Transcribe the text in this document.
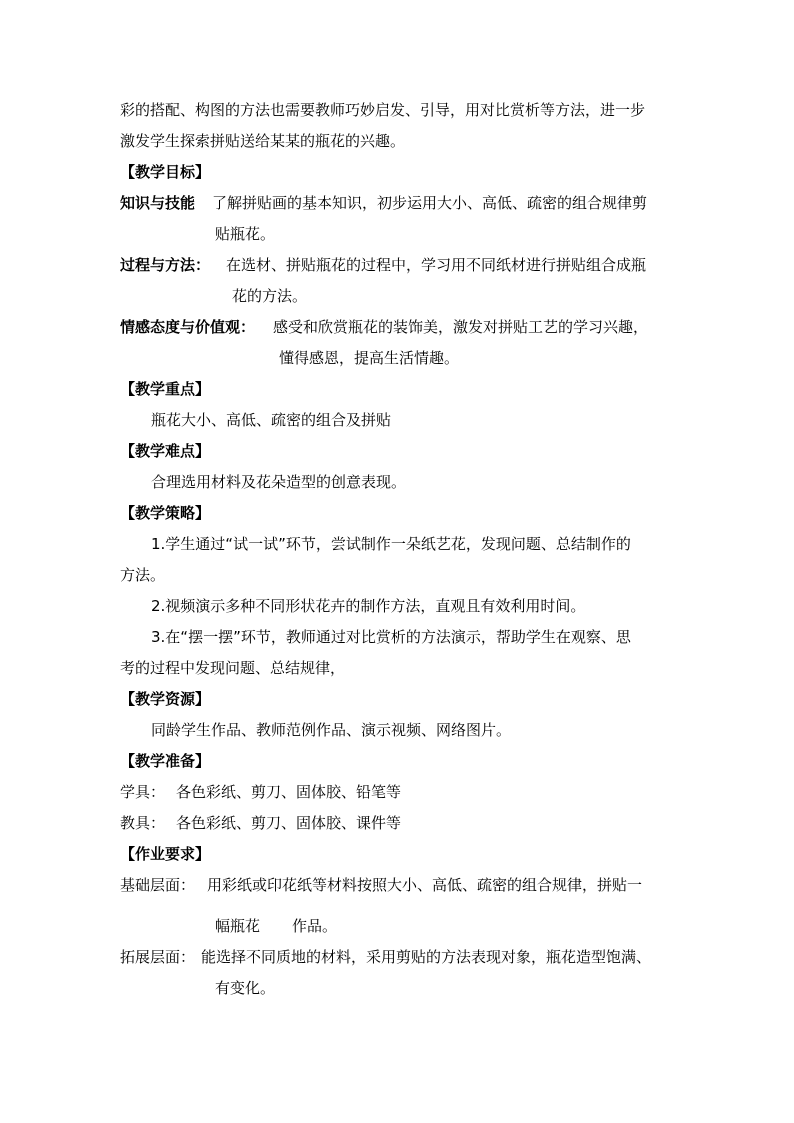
彩的搭配、构图的方法也需要教师巧妙启发、引导，用对比赏析等方法，进一步
激发学生探索拼贴送给某某的瓶花的兴趣。
【教学目标】
知识与技能 了解拼贴画的基本知识，初步运用大小、高低、疏密的组合规律剪
贴瓶花。
过程与方法： 在选材、拼贴瓶花的过程中，学习用不同纸材进行拼贴组合成瓶
花的方法。
情感态度与价值观： 感受和欣赏瓶花的装饰美，激发对拼贴工艺的学习兴趣，
懂得感恩，提高生活情趣。
【教学重点】
瓶花大小、高低、疏密的组合及拼贴
【教学难点】
合理选用材料及花朵造型的创意表现。
【教学策略】
1.学生通过“试一试”环节，尝试制作一朵纸艺花，发现问题、总结制作的
方法。
2.视频演示多种不同形状花卉的制作方法，直观且有效利用时间。
3.在“摆一摆”环节，教师通过对比赏析的方法演示，帮助学生在观察、思
考的过程中发现问题、总结规律，
【教学资源】
同龄学生作品、教师范例作品、演示视频、网络图片。
【教学准备】
学具： 各色彩纸、剪刀、固体胶、铅笔等
教具： 各色彩纸、剪刀、固体胶、课件等
【作业要求】
基础层面： 用彩纸或印花纸等材料按照大小、高低、疏密的组合规律，拼贴一
幅瓶花 作品。
拓展层面： 能选择不同质地的材料，采用剪贴的方法表现对象，瓶花造型饱满、
有变化。
